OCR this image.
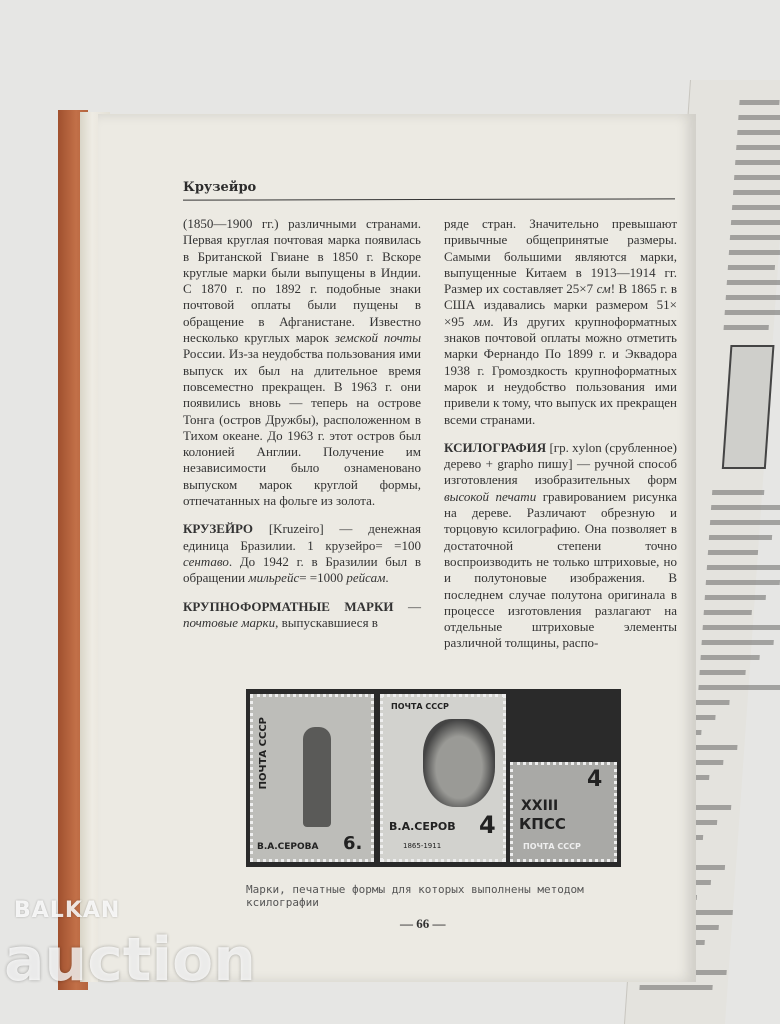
Крузейро

(1850—1900 гг.) различными странами. Первая круглая почтовая марка появилась в Британской Гвиане в 1850 г. Вскоре круглые марки были выпущены в Индии. С 1870 г. по 1892 г. подобные знаки почтовой оплаты были пущены в обращение в Афганистане. Известно несколько круглых марок земской почты России. Из-за неудобства пользования ими выпуск их был на длительное время повсеместно прекращен. В 1963 г. они появились вновь — теперь на острове Тонга (остров Дружбы), расположенном в Тихом океане. До 1963 г. этот остров был колонией Англии. Получение им независимости было ознаменовано выпуском марок круглой формы, отпечатанных на фольге из золота.

КРУЗЕЙРО [Kruzeiro] — денежная единица Бразилии. 1 крузейро= =100 сентаво. До 1942 г. в Бразилии был в обращении мильрейс= =1000 рейсам.

КРУПНОФОРМАТНЫЕ МАРКИ — почтовые марки, выпускавшиеся в

ряде стран. Значительно превышают привычные общепринятые размеры. Самыми большими являются марки, выпущенные Китаем в 1913—1914 гг. Размер их составляет 25×7 см! В 1865 г. в США издавались марки размером 51× ×95 мм. Из других крупноформатных знаков почтовой оплаты можно отметить марки Фернандо По 1899 г. и Эквадора 1938 г. Громоздкость крупноформатных марок и неудобство пользования ими привели к тому, что выпуск их прекращен всеми странами.

КСИЛОГРАФИЯ [гр. xylon (срубленное) дерево + grapho пишу] — ручной способ изготовления изобразительных форм высокой печати гравированием рисунка на дереве. Различают обрезную и торцовую ксилографию. Она позволяет в достаточной степени точно воспроизводить не только штриховые, но и полутоновые изображения. В последнем случае полутона оригинала в процессе изготовления разлагают на отдельные штриховые элементы различной толщины, распо-

ПОЧТА СССР
В.А.СЕРОВА 6.
ПОЧТА СССР
В.А.СЕРОВ 4
1865-1911
4
XXIII
КПСС
ПОЧТА СССР
Марки, печатные формы для которых выполнены методом ксилографии
— 66 —
BALKAN
auction
